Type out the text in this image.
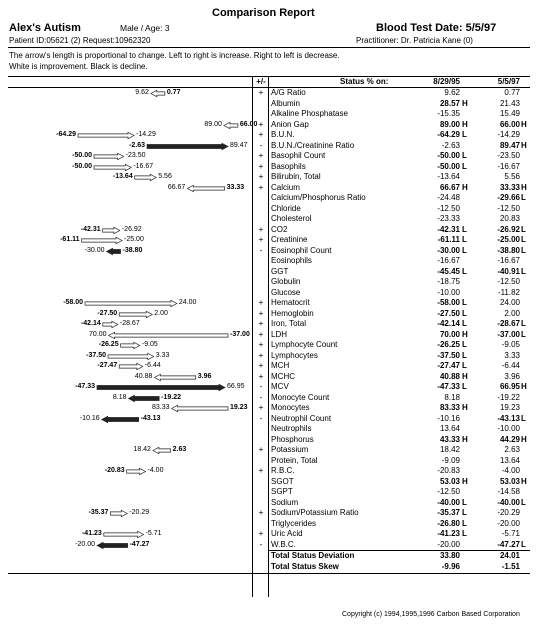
Comparison Report
Alex's Autism	Male / Age: 3	Blood Test Date: 5/5/97
Patient ID:05621 (2) Request:10962320	Practitioner: Dr. Patricia Kane (0)
The arrow's length is proportional to change. Left to right is increase. Right to left is decrease.
White is improvement. Black is decline.
+/-	Status % on:	8/29/95	5/5/97
+ A/G Ratio	9.62	0.77
9.62	0.77
Albumin	28.57 H	21.43
Alkaline Phosphatase	-15.35	15.49
+ Anion Gap	89.00 H	66.00 H
89.00	66.00
+ B.U.N.	-64.29 L	-14.29
-64.29	-14.29
-	B.U.N./Creatinine Ratio	-2.63	89.47 H
-2.63	89.47
+ Basophil Count	-50.00 L	-23.50
-50.00	-23.50
+ Basophils	-50.00 L	-16.67
-50.00	-16.67
+ Bilirubin, Total	-13.64	5.56
-13.64	5.56
+ Calcium	66.67 H	33.33 H
66.67	33.33
Calcium/Phosphorus Ratio	-24.48	-29.66 L
Chloride	-12.50	-12.50
Cholesterol	-23.33	20.83
+ CO2	-42.31 L	-26.92 L
-42.31	-26.92
+ Creatinine	-61.11 L	-25.00 L
-61.11	-25.00
-	Eosinophil Count	-30.00 L	-38.80 L
-30.00	-38.80
Eosinophils	-16.67	-16.67
GGT	-45.45 L	-40.91 L
Globulin	-18.75	-12.50
Glucose	-10.00	-11.82
+ Hematocrit	-58.00 L	24.00
-58.00	24.00
+ Hemoglobin	-27.50 L	2.00
-27.50	2.00
+ Iron, Total	-42.14 L	-28.67 L
-42.14	-28.67
+ LDH	70.00 H	-37.00 L
70.00	-37.00
+ Lymphocyte Count	-26.25 L	-9.05
-26.25	-9.05
+ Lymphocytes	-37.50 L	3.33
-37.50	3.33
+ MCH	-27.47 L	-6.44
-27.47	-6.44
+ MCHC	40.88 H	3.96
40.88	3.96
-	MCV	-47.33 L	66.95 H
-47.33	66.95
-	Monocyte Count	8.18	-19.22
8.18	-19.22
+ Monocytes	83.33 H	19.23
83.33	19.23
-	Neutrophil Count	-10.16	-43.13 L
-10.16	-43.13
Neutrophils	13.64	-10.00
Phosphorus	43.33 H	44.29 H
+ Potassium	18.42	2.63
18.42	2.63
Protein, Total	-9.09	13.64
+ R.B.C.	-20.83	-4.00
-20.83	-4.00
SGOT	53.03 H	53.03 H
SGPT	-12.50	-14.58
Sodium	-40.00 L	-40.00 L
+ Sodium/Potassium Ratio	-35.37 L	-20.29
-35.37	-20.29
Triglycerides	-26.80 L	-20.00
+ Uric Acid	-41.23 L	-5.71
-41.23	-5.71
-	W.B.C.	-20.00	-47.27 L
-20.00	-47.27
Total Status Deviation	33.80	24.01
Total Status Skew	-9.96	-1.51
Copyright (c) 1994,1995,1996 Carbon Based Corporation
